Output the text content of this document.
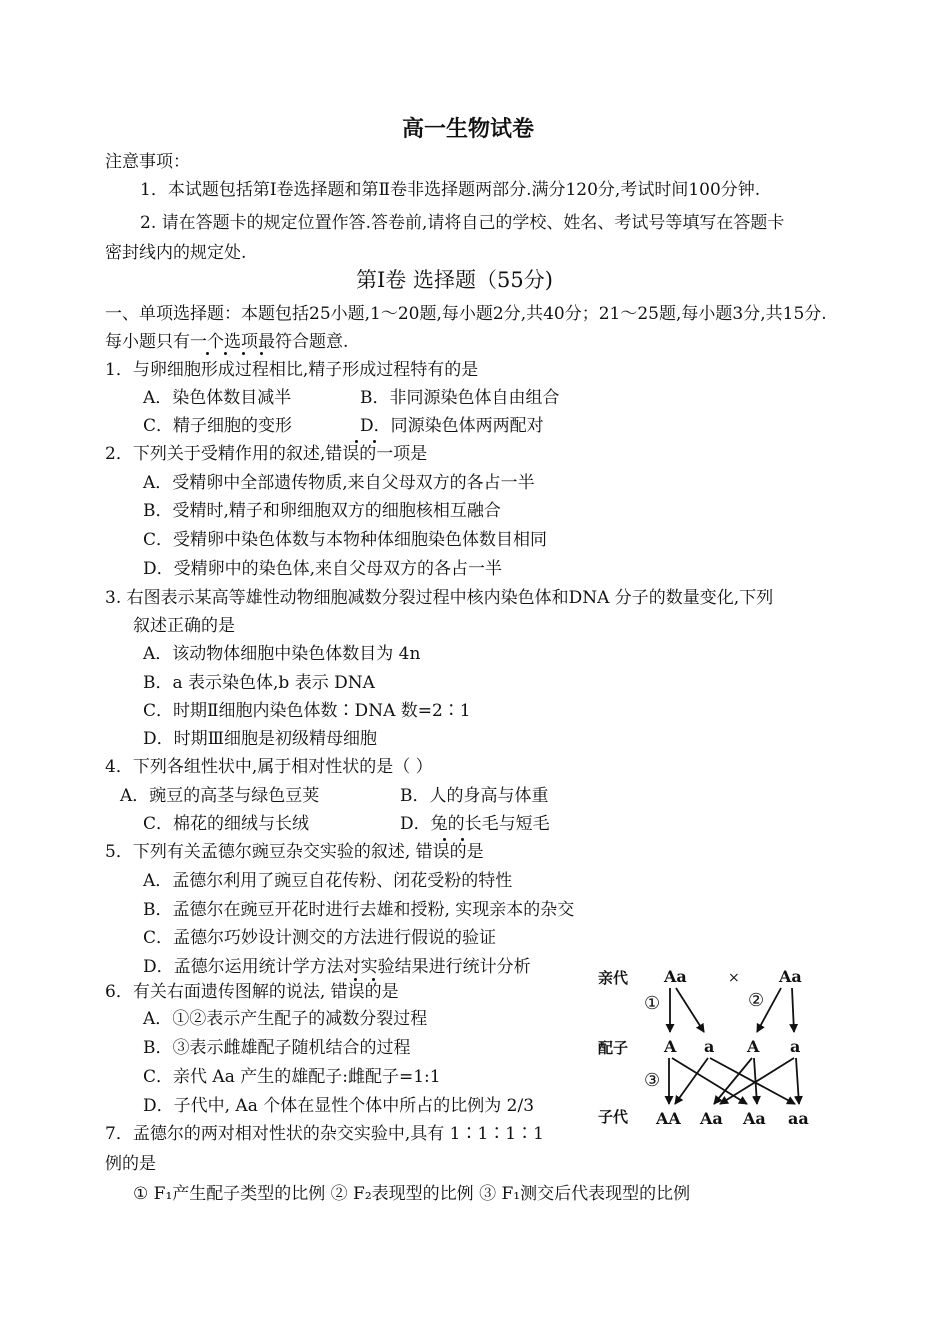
高一生物试卷
注意事项：
1．本试题包括第Ⅰ卷选择题和第Ⅱ卷非选择题两部分.满分120分,考试时间100分钟.
2. 请在答题卡的规定位置作答.答卷前,请将自己的学校、姓名、考试号等填写在答题卡
密封线内的规定处.
第Ⅰ卷 选择题（55分)
一、单项选择题：本题包括25小题,1～20题,每小题2分,共40分；21～25题,每小题3分,共15分.
每小题只有一个选项最符合题意.
1．与卵细胞形成过程相比,精子形成过程特有的是
A．染色体数目减半	B．非同源染色体自由组合
C．精子细胞的变形	D．同源染色体两两配对
2．下列关于受精作用的叙述,错误的一项是
A．受精卵中全部遗传物质,来自父母双方的各占一半
B．受精时,精子和卵细胞双方的细胞核相互融合
C．受精卵中染色体数与本物种体细胞染色体数目相同
D．受精卵中的染色体,来自父母双方的各占一半
3. 右图表示某高等雄性动物细胞减数分裂过程中核内染色体和DNA 分子的数量变化,下列
叙述正确的是
A．该动物体细胞中染色体数目为 4n
B．a 表示染色体,b 表示 DNA
C．时期Ⅱ细胞内染色体数∶DNA 数=2∶1
D．时期Ⅲ细胞是初级精母细胞
4．下列各组性状中,属于相对性状的是（ ）
A．豌豆的高茎与绿色豆荚	B．人的身高与体重
C．棉花的细绒与长绒	D．兔的长毛与短毛
5．下列有关孟德尔豌豆杂交实验的叙述, 错误的是
A．孟德尔利用了豌豆自花传粉、闭花受粉的特性
B．孟德尔在豌豆开花时进行去雄和授粉, 实现亲本的杂交
C．孟德尔巧妙设计测交的方法进行假说的验证
D．孟德尔运用统计学方法对实验结果进行统计分析
6．有关右面遗传图解的说法, 错误的是
A．①②表示产生配子的减数分裂过程
B．③表示雌雄配子随机结合的过程
C．亲代 Aa 产生的雄配子:雌配子=1:1
D．子代中, Aa 个体在显性个体中所占的比例为 2/3
7．孟德尔的两对相对性状的杂交实验中,具有 1∶1∶1∶1	比
例的是
① F₁产生配子类型的比例 ② F₂表现型的比例 ③ F₁测交后代表现型的比例
亲代
配子
子代
Aa	× Aa
①	②
③
A a A a
AA Aa Aa aa
